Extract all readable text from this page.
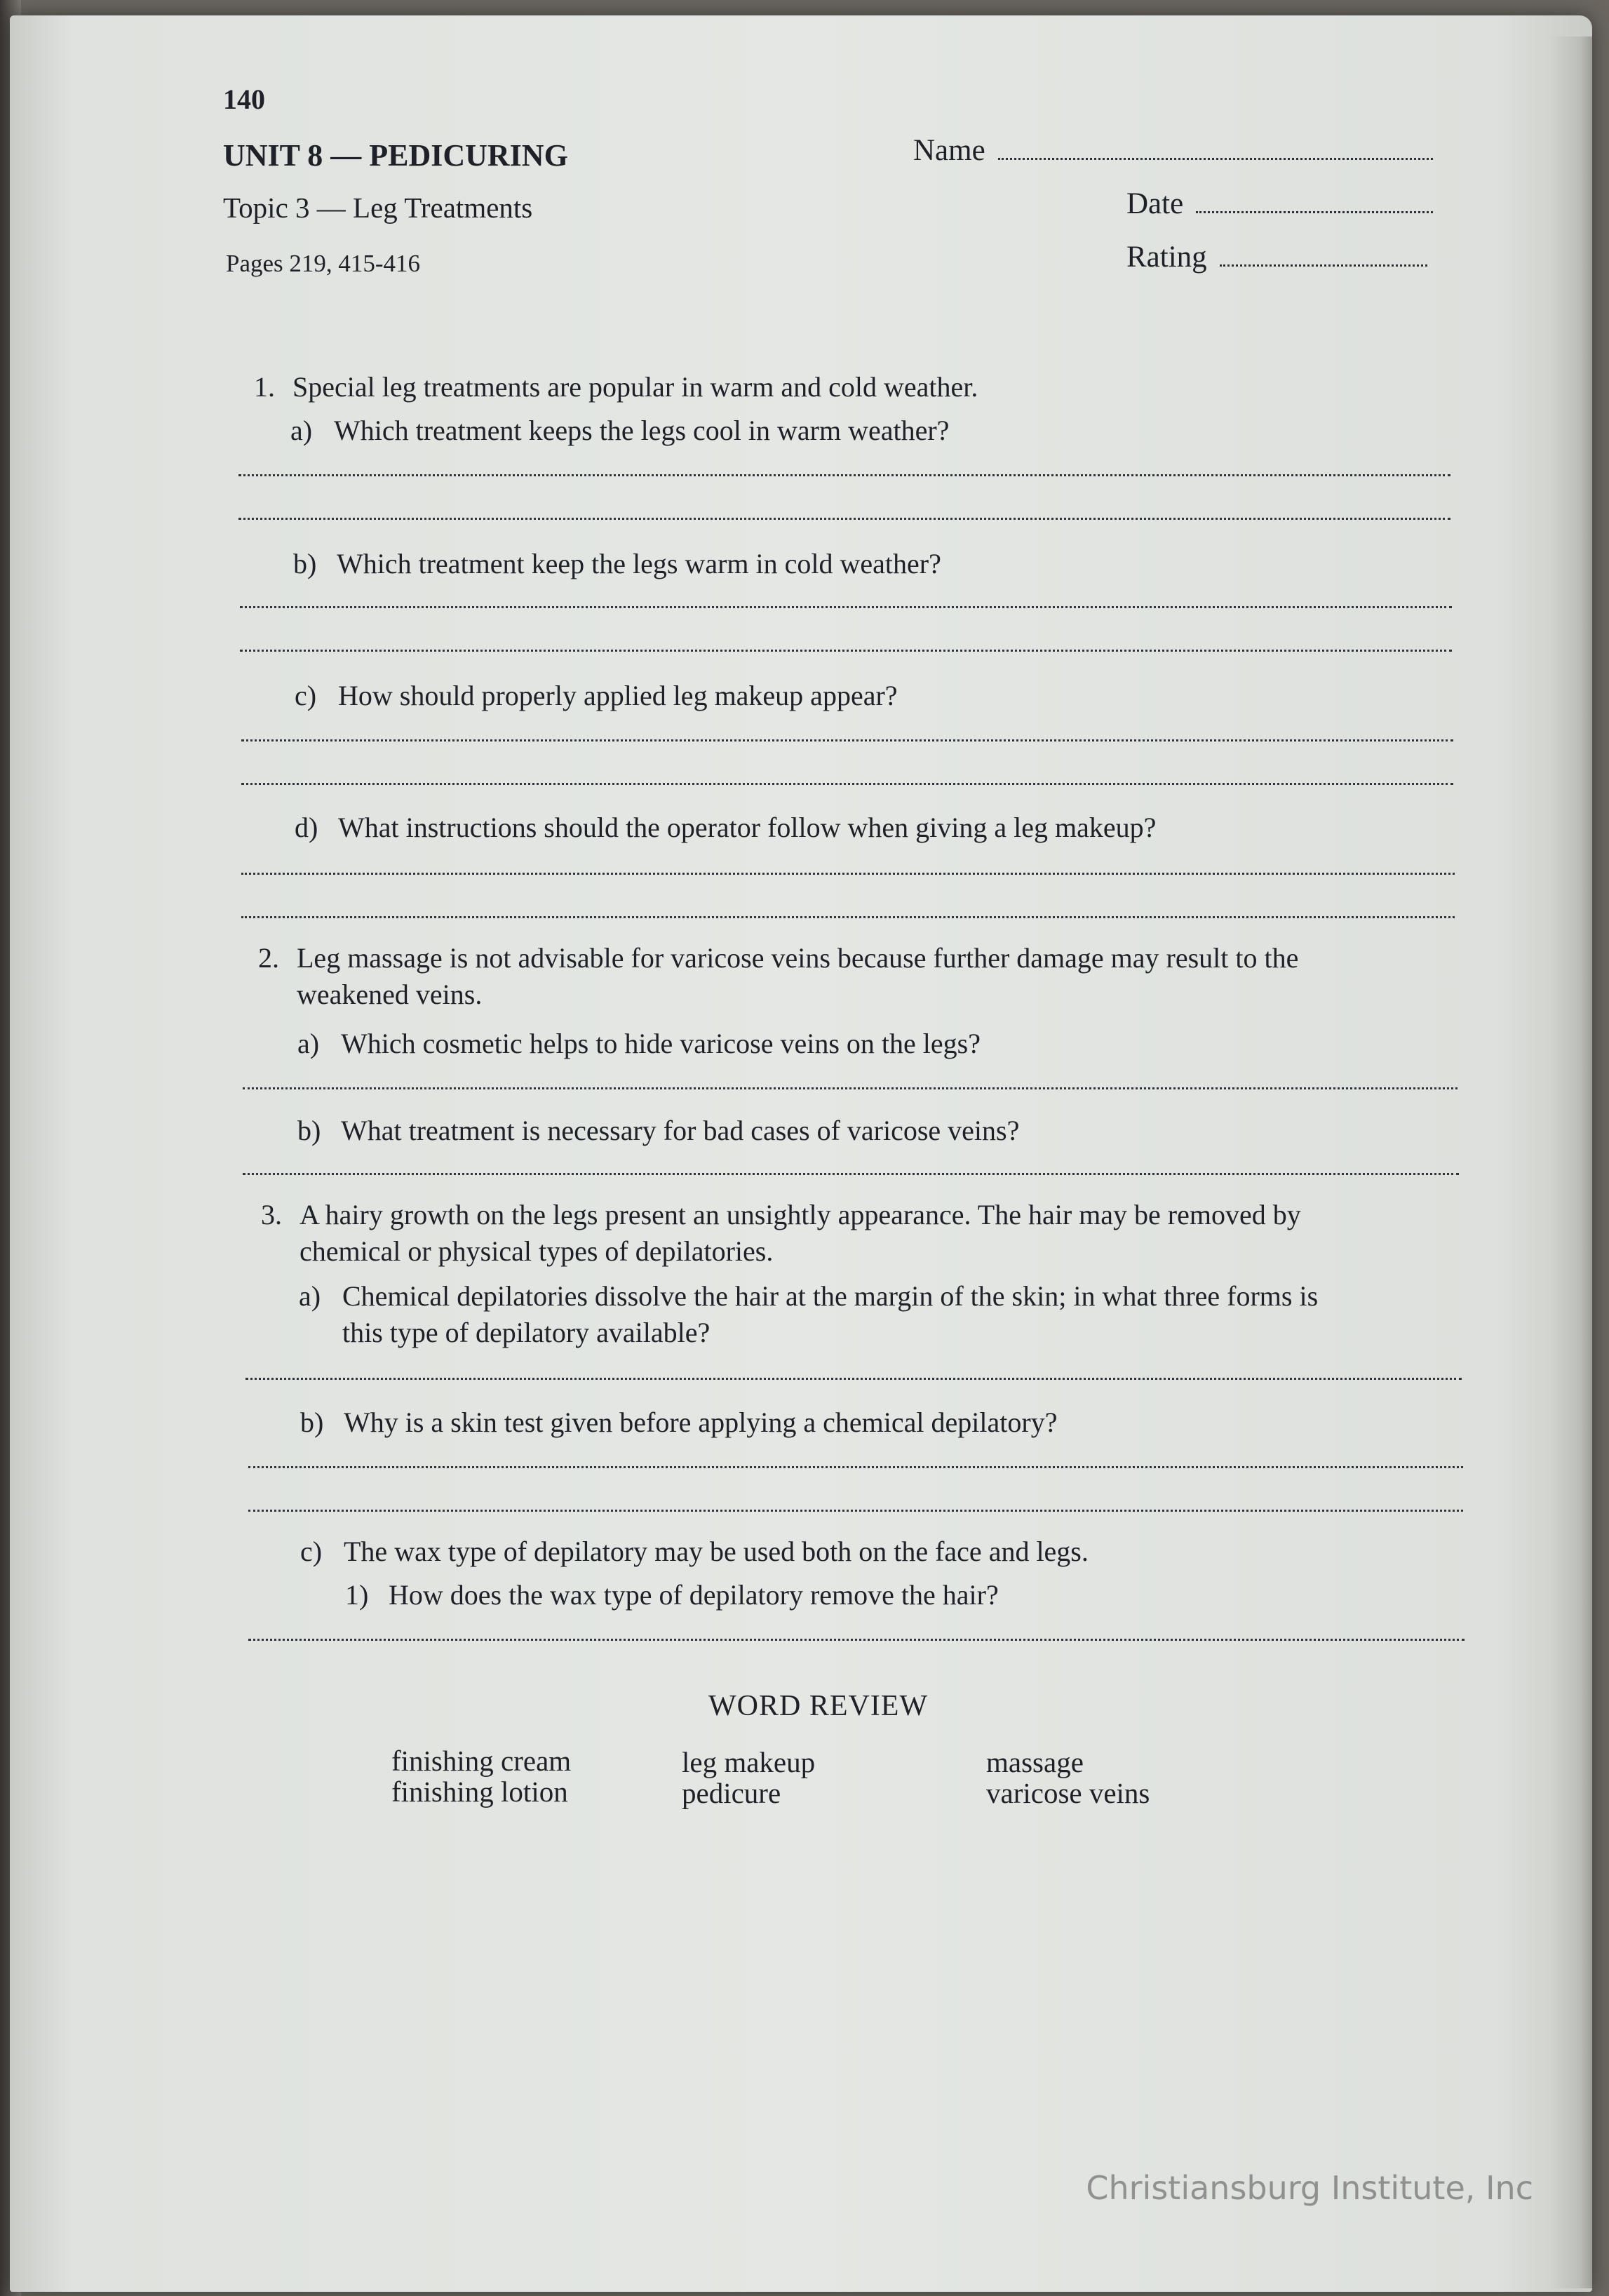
140
UNIT 8 — PEDICURING
Topic 3 — Leg Treatments
Pages 219, 415-416
Name
Date
Rating
1. Special leg treatments are popular in warm and cold weather.
a) Which treatment keeps the legs cool in warm weather?
b) Which treatment keep the legs warm in cold weather?
c) How should properly applied leg makeup appear?
d) What instructions should the operator follow when giving a leg makeup?
2. Leg massage is not advisable for varicose veins because further damage may result to the
weakened veins.
a) Which cosmetic helps to hide varicose veins on the legs?
b) What treatment is necessary for bad cases of varicose veins?
3. A hairy growth on the legs present an unsightly appearance. The hair may be removed by
chemical or physical types of depilatories.
a) Chemical depilatories dissolve the hair at the margin of the skin; in what three forms is
this type of depilatory available?
b) Why is a skin test given before applying a chemical depilatory?
c) The wax type of depilatory may be used both on the face and legs.
1) How does the wax type of depilatory remove the hair?
WORD REVIEW
finishing cream
finishing lotion
leg makeup
pedicure
massage
varicose veins
Christiansburg Institute, Inc
